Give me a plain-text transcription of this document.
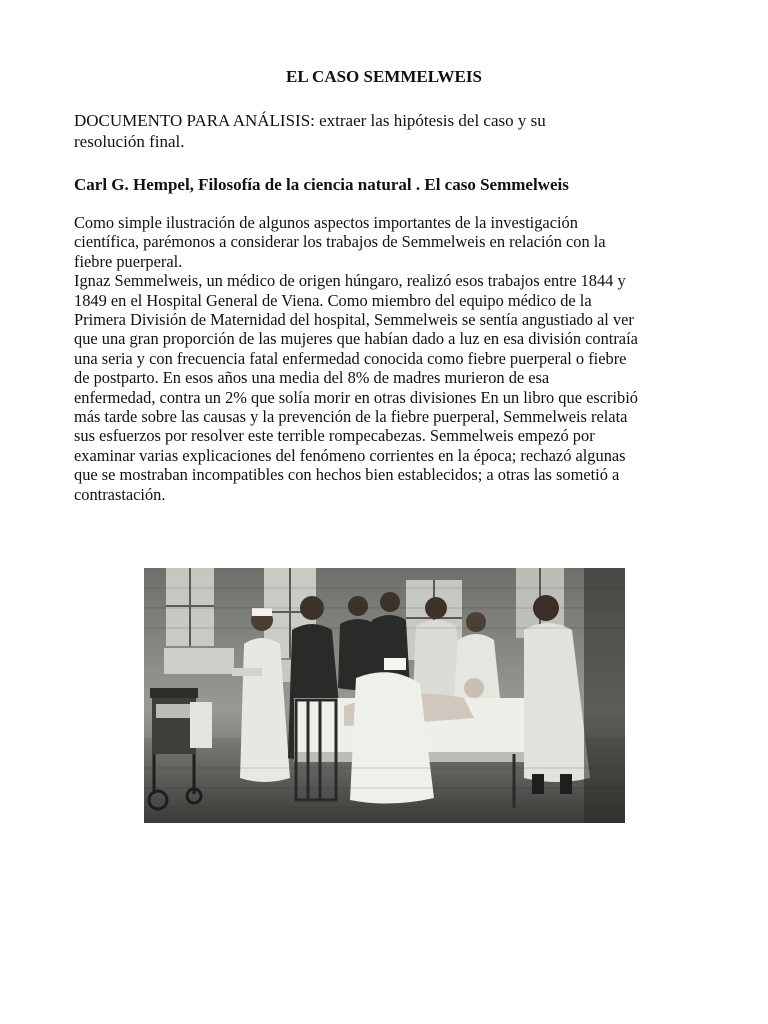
EL CASO SEMMELWEIS

DOCUMENTO PARA ANÁLISIS: extraer las hipótesis del caso y su
resolución final.

Carl G. Hempel, Filosofía de la ciencia natural . El caso Semmelweis

Como simple ilustración de algunos aspectos importantes de la investigación
científica, parémonos a considerar los trabajos de Semmelweis en relación con la
fiebre puerperal.
Ignaz Semmelweis, un médico de origen húngaro, realizó esos trabajos entre 1844 y
1849 en el Hospital General de Viena. Como miembro del equipo médico de la
Primera División de Maternidad del hospital, Semmelweis se sentía angustiado al ver
que una gran proporción de las mujeres que habían dado a luz en esa división contraía
una seria y con frecuencia fatal enfermedad conocida como fiebre puerperal o fiebre
de postparto. En esos años una media del 8% de madres murieron de esa
enfermedad, contra un 2% que solía morir en otras divisiones En un libro que escribió
más tarde sobre las causas y la prevención de la fiebre puerperal, Semmelweis relata
sus esfuerzos por resolver este terrible rompecabezas. Semmelweis empezó por
examinar varias explicaciones del fenómeno corrientes en la época; rechazó algunas
que se mostraban incompatibles con hechos bien establecidos; a otras las sometió a
contrastación.
